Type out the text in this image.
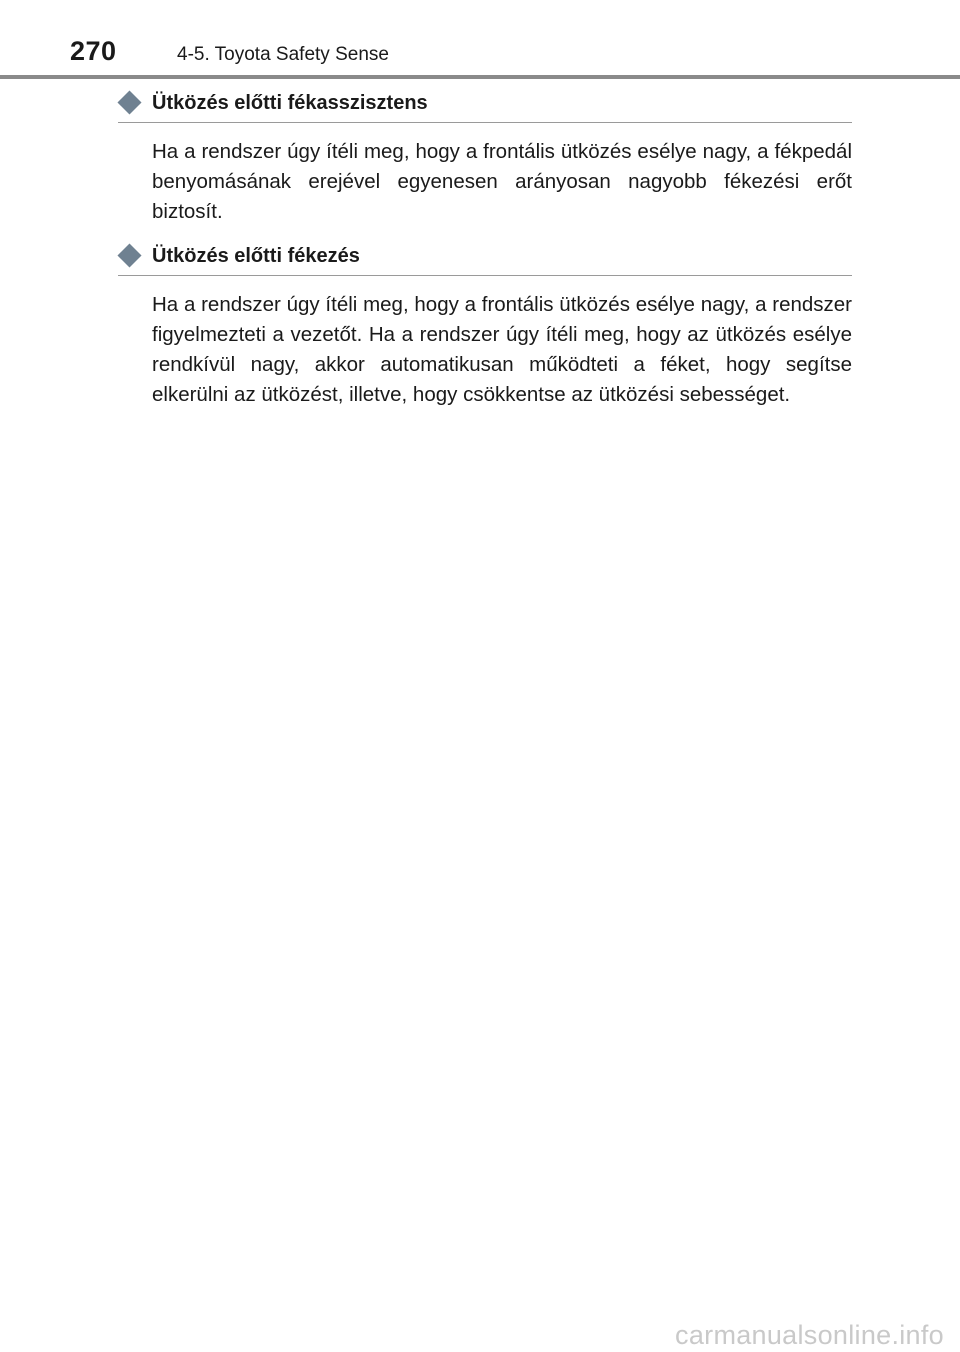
270	4-5. Toyota Safety Sense
Ütközés előtti fékasszisztens

Ha a rendszer úgy ítéli meg, hogy a frontális ütközés esélye nagy, a fékpedál benyomásának erejével egyenesen arányosan nagyobb fékezési erőt biztosít.

Ütközés előtti fékezés

Ha a rendszer úgy ítéli meg, hogy a frontális ütközés esélye nagy, a rendszer figyelmezteti a vezetőt. Ha a rendszer úgy ítéli meg, hogy az ütközés esélye rendkívül nagy, akkor automatikusan működteti a féket, hogy segítse elkerülni az ütközést, illetve, hogy csökkentse az ütközési sebességet.

carmanualsonline.info
